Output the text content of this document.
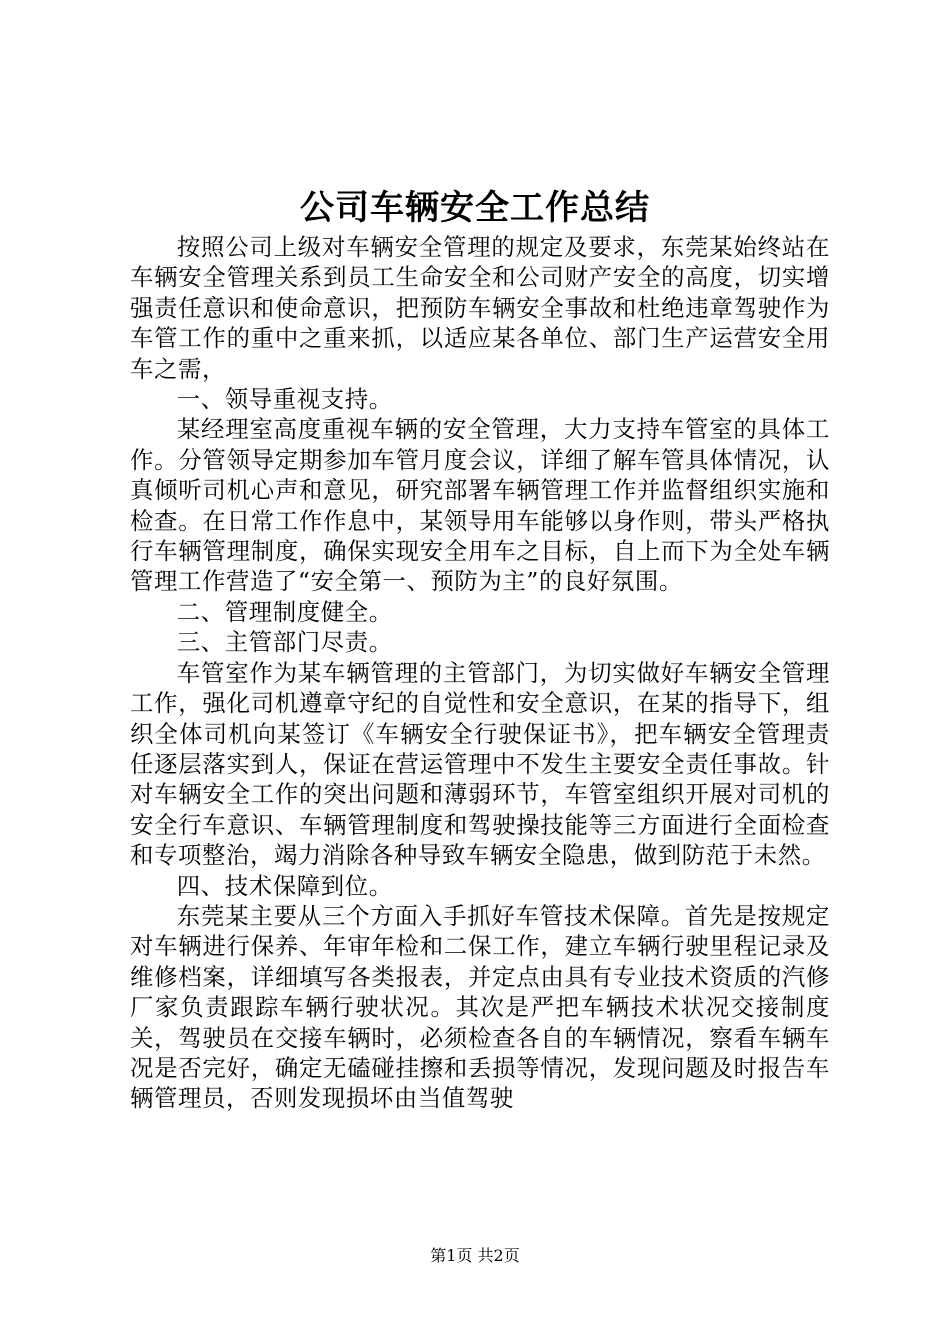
公司车辆安全工作总结

按照公司上级对车辆安全管理的规定及要求，东莞某始终站在车辆安全管理关系到员工生命安全和公司财产安全的高度，切实增强责任意识和使命意识，把预防车辆安全事故和杜绝违章驾驶作为车管工作的重中之重来抓，以适应某各单位、部门生产运营安全用车之需，

一、领导重视支持。

某经理室高度重视车辆的安全管理，大力支持车管室的具体工作。分管领导定期参加车管月度会议，详细了解车管具体情况，认真倾听司机心声和意见，研究部署车辆管理工作并监督组织实施和检查。在日常工作作息中，某领导用车能够以身作则，带头严格执行车辆管理制度，确保实现安全用车之目标，自上而下为全处车辆管理工作营造了“安全第一、预防为主”的良好氛围。

二、管理制度健全。

三、主管部门尽责。

车管室作为某车辆管理的主管部门，为切实做好车辆安全管理工作，强化司机遵章守纪的自觉性和安全意识，在某的指导下，组织全体司机向某签订《车辆安全行驶保证书》，把车辆安全管理责任逐层落实到人，保证在营运管理中不发生主要安全责任事故。针对车辆安全工作的突出问题和薄弱环节，车管室组织开展对司机的安全行车意识、车辆管理制度和驾驶操技能等三方面进行全面检查和专项整治，竭力消除各种导致车辆安全隐患，做到防范于未然。

四、技术保障到位。

东莞某主要从三个方面入手抓好车管技术保障。首先是按规定对车辆进行保养、年审年检和二保工作，建立车辆行驶里程记录及维修档案，详细填写各类报表，并定点由具有专业技术资质的汽修厂家负责跟踪车辆行驶状况。其次是严把车辆技术状况交接制度关，驾驶员在交接车辆时，必须检查各自的车辆情况，察看车辆车况是否完好，确定无磕碰挂擦和丢损等情况，发现问题及时报告车辆管理员，否则发现损坏由当值驾驶

第1页 共2页
